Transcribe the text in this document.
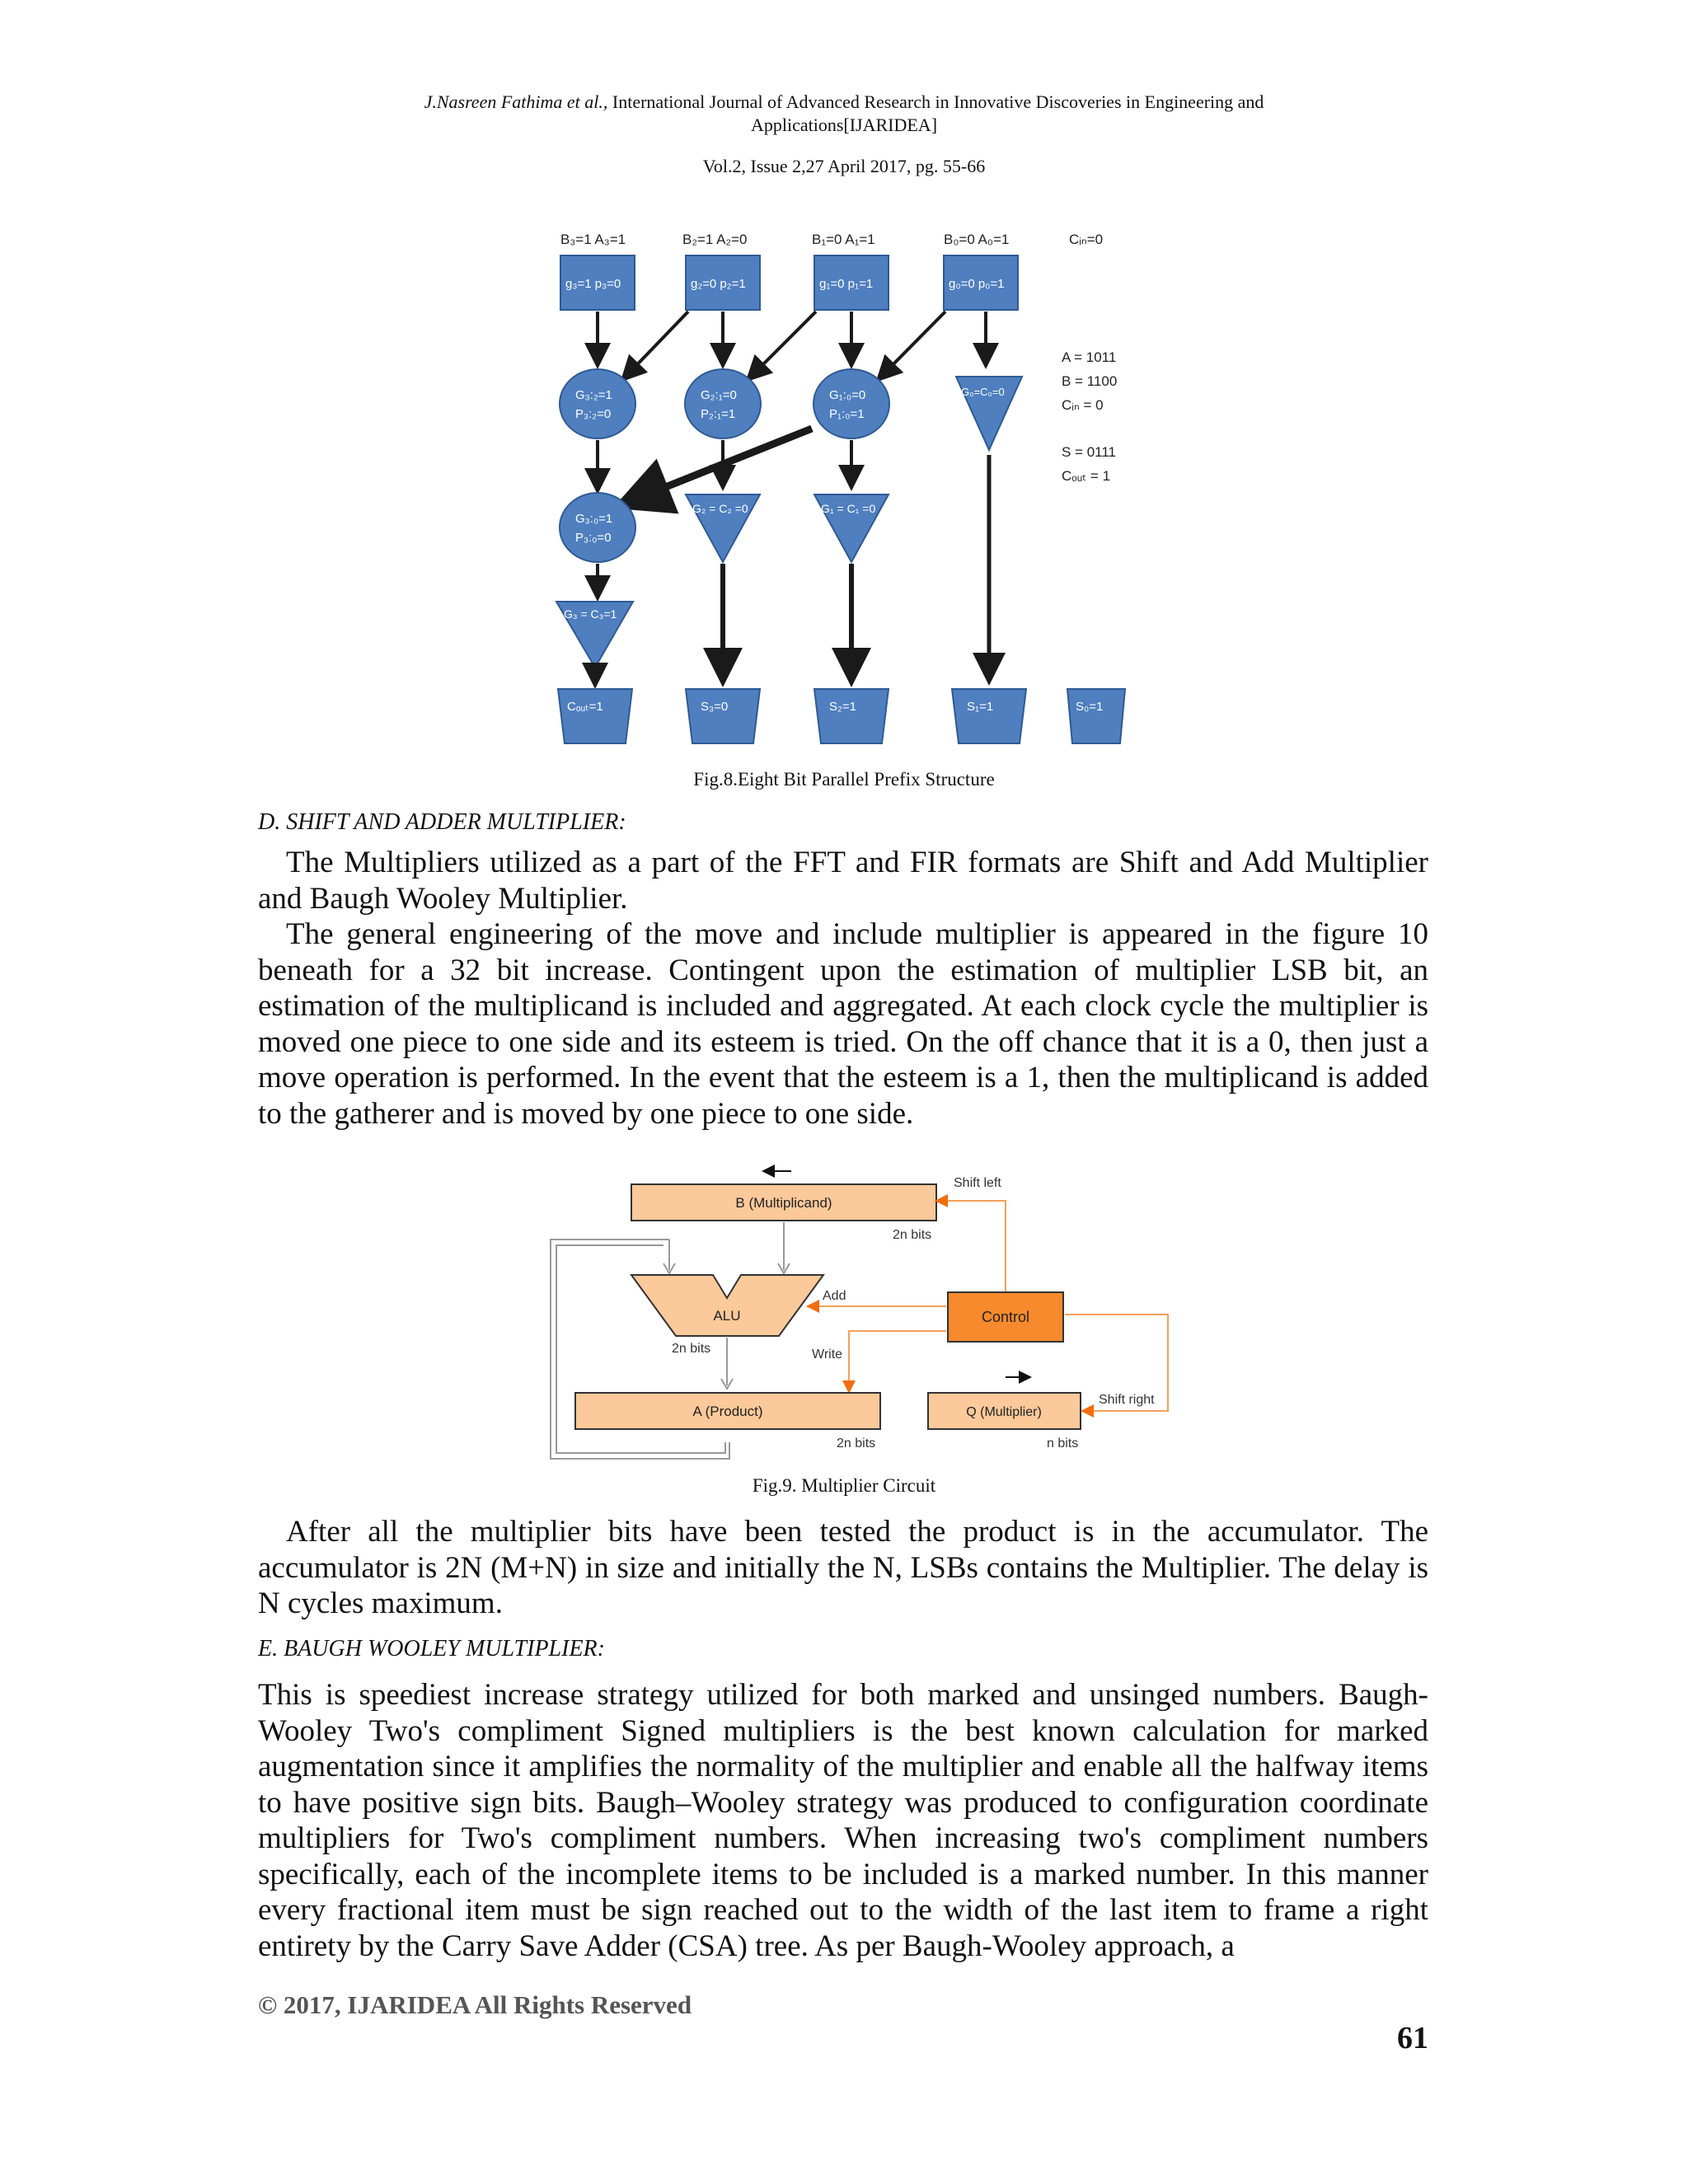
J.Nasreen Fathima et al., International Journal of Advanced Research in Innovative Discoveries in Engineering and
Applications[IJARIDEA]
Vol.2, Issue 2,27 April 2017, pg. 55-66
B₃=1 A₃=1	B₂=1 A₂=0	B₁=0 A₁=1	B₀=0 A₀=1	Cᵢₙ=0
g₃=1 p₃=0	g₂=0 p₂=1	g₁=0 p₁=1	g₀=0 p₀=1
G₃:₂=1
P₃:₂=0
G₂:₁=0
P₂:₁=1
G₁:₀=0
P₁:₀=1
G₀=C₀=0
G₃:₀=1
P₃:₀=0
G₂ = C₂ =0	G₁ = C₁ =0
G₃ = C₃=1
Cₒᵤₜ=1	S₃=0	S₂=1	S₁=1	S₀=1
A = 1011
B = 1100
Cᵢₙ = 0
S = 0111
Cₒᵤₜ = 1
Fig.8.Eight Bit Parallel Prefix Structure
D. SHIFT AND ADDER MULTIPLIER:

The Multipliers utilized as a part of the FFT and FIR formats are Shift and Add Multiplier and Baugh Wooley Multiplier.

The general engineering of the move and include multiplier is appeared in the figure 10 beneath for a 32 bit increase. Contingent upon the estimation of multiplier LSB bit, an estimation of the multiplicand is included and aggregated. At each clock cycle the multiplier is moved one piece to one side and its esteem is tried. On the off chance that it is a 0, then just a move operation is performed. In the event that the esteem is a 1, then the multiplicand is added to the gatherer and is moved by one piece to one side.

B (Multiplicand)
2n bits
Shift left
ALU
2n bits
Control
Add
Write
Shift right
A (Product)
2n bits
Q (Multiplier)
n bits
Fig.9. Multiplier Circuit

After all the multiplier bits have been tested the product is in the accumulator. The accumulator is 2N (M+N) in size and initially the N, LSBs contains the Multiplier. The delay is N cycles maximum.

E. BAUGH WOOLEY MULTIPLIER:

This is speediest increase strategy utilized for both marked and unsinged numbers. Baugh-Wooley Two's compliment Signed multipliers is the best known calculation for marked augmentation since it amplifies the normality of the multiplier and enable all the halfway items to have positive sign bits. Baugh–Wooley strategy was produced to configuration coordinate multipliers for Two's compliment numbers. When increasing two's compliment numbers specifically, each of the incomplete items to be included is a marked number. In this manner every fractional item must be sign reached out to the width of the last item to frame a right entirety by the Carry Save Adder (CSA) tree. As per Baugh-Wooley approach, a

© 2017, IJARIDEA All Rights Reserved
61
